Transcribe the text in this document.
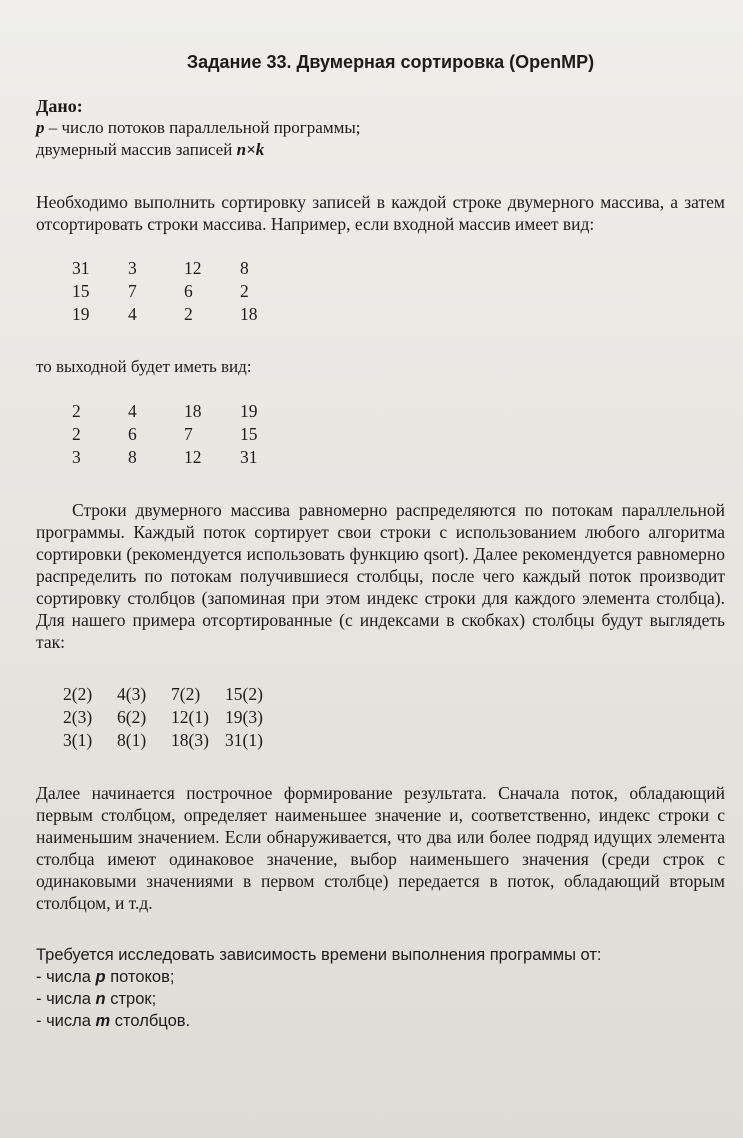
Задание 33. Двумерная сортировка (OpenMP)
Дано:
p – число потоков параллельной программы;
двумерный массив записей n×k

Необходимо выполнить сортировку записей в каждой строке двумерного массива, а затем отсортировать строки массива. Например, если входной массив имеет вид:

31	3	12	8
15	7	6	2
19	4	2	18
то выходной будет иметь вид:
2	4	18	19
2	6	7	15
3	8	12	31

Строки двумерного массива равномерно распределяются по потокам параллельной программы. Каждый поток сортирует свои строки с использованием любого алгоритма сортировки (рекомендуется использовать функцию qsort). Далее рекомендуется равномерно распределить по потокам получившиеся столбцы, после чего каждый поток производит сортировку столбцов (запоминая при этом индекс строки для каждого элемента столбца). Для нашего примера отсортированные (с индексами в скобках) столбцы будут выглядеть так:

2(2)	4(3)	7(2)	15(2)
2(3)	6(2)	12(1) 19(3)
3(1)	8(1)	18(3) 31(1)

Далее начинается построчное формирование результата. Сначала поток, обладающий первым столбцом, определяет наименьшее значение и, соответственно, индекс строки с наименьшим значением. Если обнаруживается, что два или более подряд идущих элемента столбца имеют одинаковое значение, выбор наименьшего значения (среди строк с одинаковыми значениями в первом столбце) передается в поток, обладающий вторым столбцом, и т.д.

Требуется исследовать зависимость времени выполнения программы от:
- числа p потоков;
- числа n строк;
- числа m столбцов.
